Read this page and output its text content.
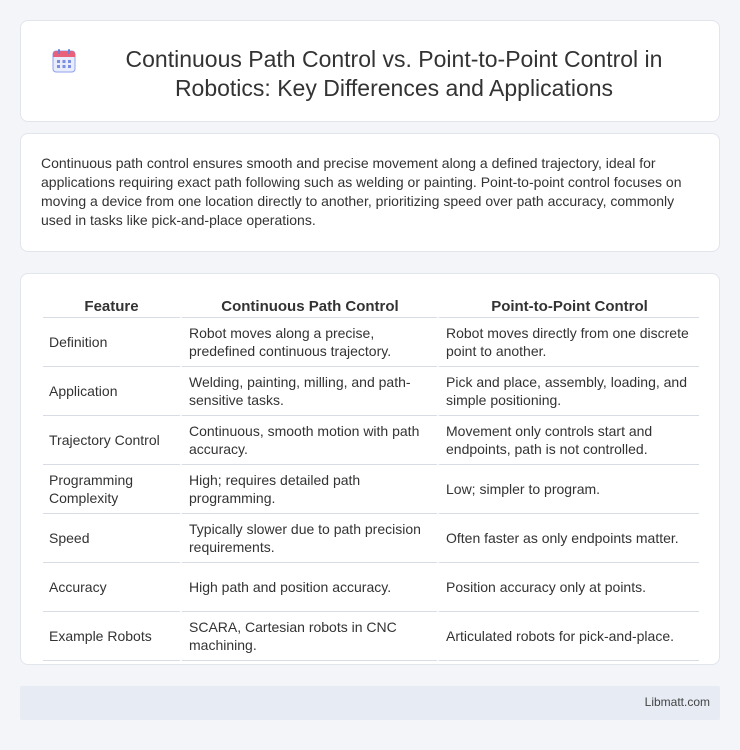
Continuous Path Control vs. Point-to-Point Control in Robotics: Key Differences and Applications

Continuous path control ensures smooth and precise movement along a defined trajectory, ideal for applications requiring exact path following such as welding or painting. Point-to-point control focuses on moving a device from one location directly to another, prioritizing speed over path accuracy, commonly used in tasks like pick-and-place operations.

Feature	Continuous Path Control	Point-to-Point Control
Definition	Robot moves along a precise, predefined continuous trajectory.	Robot moves directly from one discrete point to another.
Application	Welding, painting, milling, and path-sensitive tasks.	Pick and place, assembly, loading, and simple positioning.
Trajectory Control	Continuous, smooth motion with path accuracy.	Movement only controls start and endpoints, path is not controlled.
Programming Complexity	High; requires detailed path programming.	Low; simpler to program.
Speed	Typically slower due to path precision requirements.	Often faster as only endpoints matter.
Accuracy	High path and position accuracy.	Position accuracy only at points.
Example Robots	SCARA, Cartesian robots in CNC machining.	Articulated robots for pick-and-place.
Libmatt.com
